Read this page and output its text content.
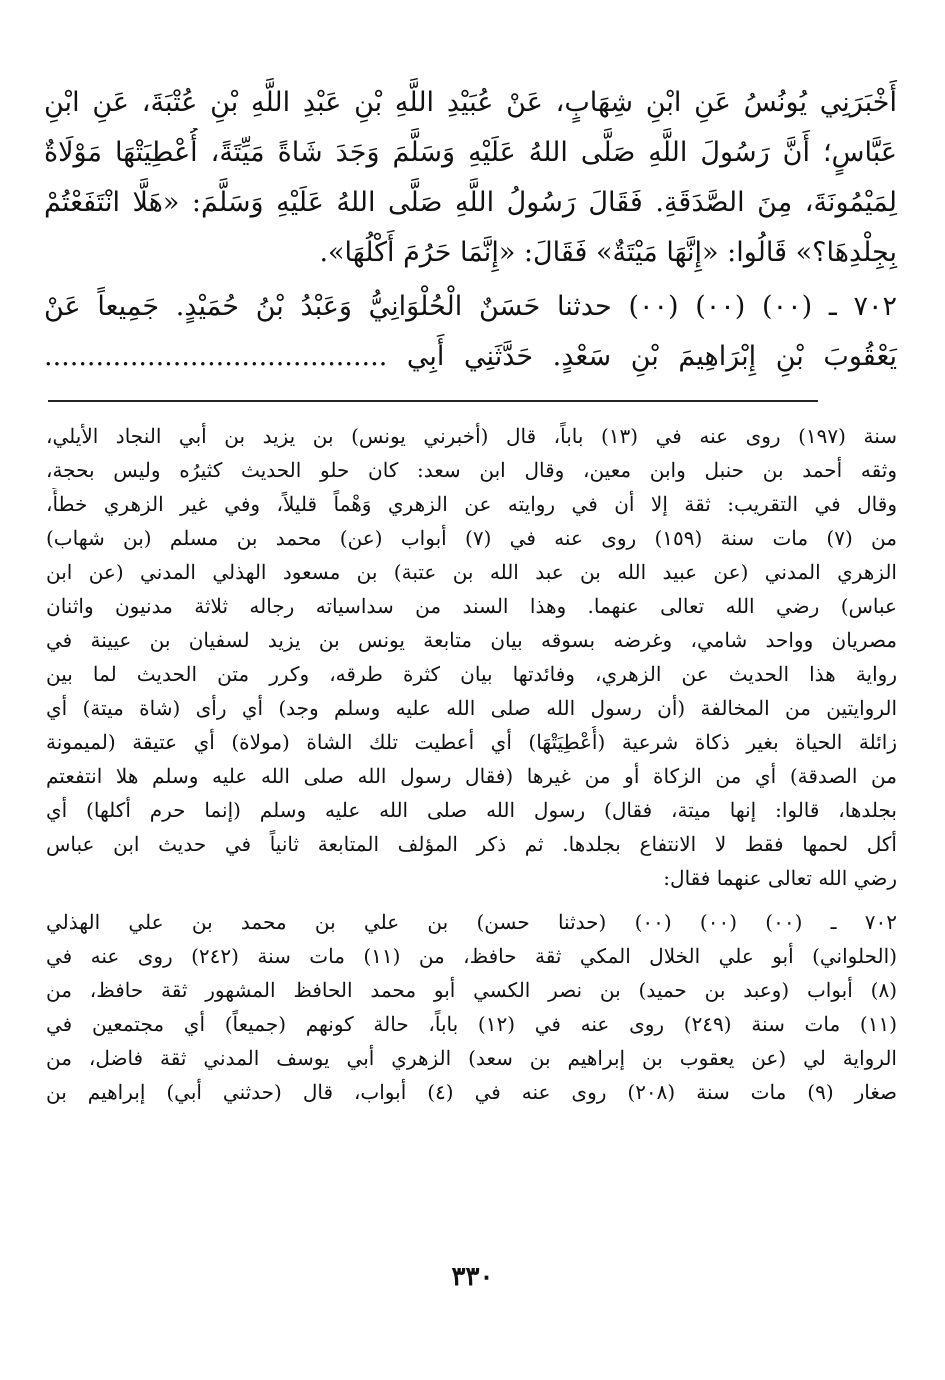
أَخْبَرَنِي يُونُسُ عَنِ ابْنِ شِهَابٍ، عَنْ عُبَيْدِ اللَّهِ بْنِ عَبْدِ اللَّهِ بْنِ عُتْبَةَ، عَنِ ابْنِ
عَبَّاسٍ؛ أَنَّ رَسُولَ اللَّهِ صَلَّى اللهُ عَلَيْهِ وَسَلَّمَ وَجَدَ شَاةً مَيِّتَةً، أُعْطِيَتْهَا مَوْلَاةٌ
لِمَيْمُونَةَ، مِنَ الصَّدَقَةِ. فَقَالَ رَسُولُ اللَّهِ صَلَّى اللهُ عَلَيْهِ وَسَلَّمَ: «هَلَّا انْتَفَعْتُمْ
بِجِلْدِهَا؟» قَالُوا: «إِنَّهَا مَيْتَةٌ» فَقَالَ: «إِنَّمَا حَرُمَ أَكْلُهَا».
٧٠٢ ـ (٠٠) (٠٠) (٠٠) حدثنا حَسَنٌ الْحُلْوَانِيُّ وَعَبْدُ بْنُ حُمَيْدٍ. جَمِيعاً عَنْ
يَعْقُوبَ بْنِ إِبْرَاهِيمَ بْنِ سَعْدٍ. حَدَّثَنِي أَبِي ........................................
سنة (١٩٧) روى عنه في (١٣) باباً، قال (أخبرني يونس) بن يزيد بن أبي النجاد الأيلي،
وثقه أحمد بن حنبل وابن معين، وقال ابن سعد: كان حلو الحديث كثيرُه وليس بحجة،
وقال في التقريب: ثقة إلا أن في روايته عن الزهري وَهْماً قليلاً، وفي غير الزهري خطأً،
من (٧) مات سنة (١٥٩) روى عنه في (٧) أبواب (عن) محمد بن مسلم (بن شهاب)
الزهري المدني (عن عبيد الله بن عبد الله بن عتبة) بن مسعود الهذلي المدني (عن ابن
عباس) رضي الله تعالى عنهما. وهذا السند من سداسياته رجاله ثلاثة مدنيون واثنان
مصريان وواحد شامي، وغرضه بسوقه بيان متابعة يونس بن يزيد لسفيان بن عيينة في
رواية هذا الحديث عن الزهري، وفائدتها بيان كثرة طرقه، وكرر متن الحديث لما بين
الروايتين من المخالفة (أن رسول الله صلى الله عليه وسلم وجد) أي رأى (شاة ميتة) أي
زائلة الحياة بغير ذكاة شرعية (أُعْطِيَتْهَا) أي أعطيت تلك الشاة (مولاة) أي عتيقة (لميمونة
من الصدقة) أي من الزكاة أو من غيرها (فقال رسول الله صلى الله عليه وسلم هلا انتفعتم
بجلدها، قالوا: إنها ميتة، فقال) رسول الله صلى الله عليه وسلم (إنما حرم أكلها) أي
أكل لحمها فقط لا الانتفاع بجلدها. ثم ذكر المؤلف المتابعة ثانياً في حديث ابن عباس
رضي الله تعالى عنهما فقال:
٧٠٢ ـ (٠٠) (٠٠) (٠٠) (حدثنا حسن) بن علي بن محمد بن علي الهذلي
(الحلواني) أبو علي الخلال المكي ثقة حافظ، من (١١) مات سنة (٢٤٢) روى عنه في
(٨) أبواب (وعبد بن حميد) بن نصر الكسي أبو محمد الحافظ المشهور ثقة حافظ، من
(١١) مات سنة (٢٤٩) روى عنه في (١٢) باباً، حالة كونهم (جميعاً) أي مجتمعين في
الرواية لي (عن يعقوب بن إبراهيم بن سعد) الزهري أبي يوسف المدني ثقة فاضل، من
صغار (٩) مات سنة (٢٠٨) روى عنه في (٤) أبواب، قال (حدثني أبي) إبراهيم بن
٣٣٠
